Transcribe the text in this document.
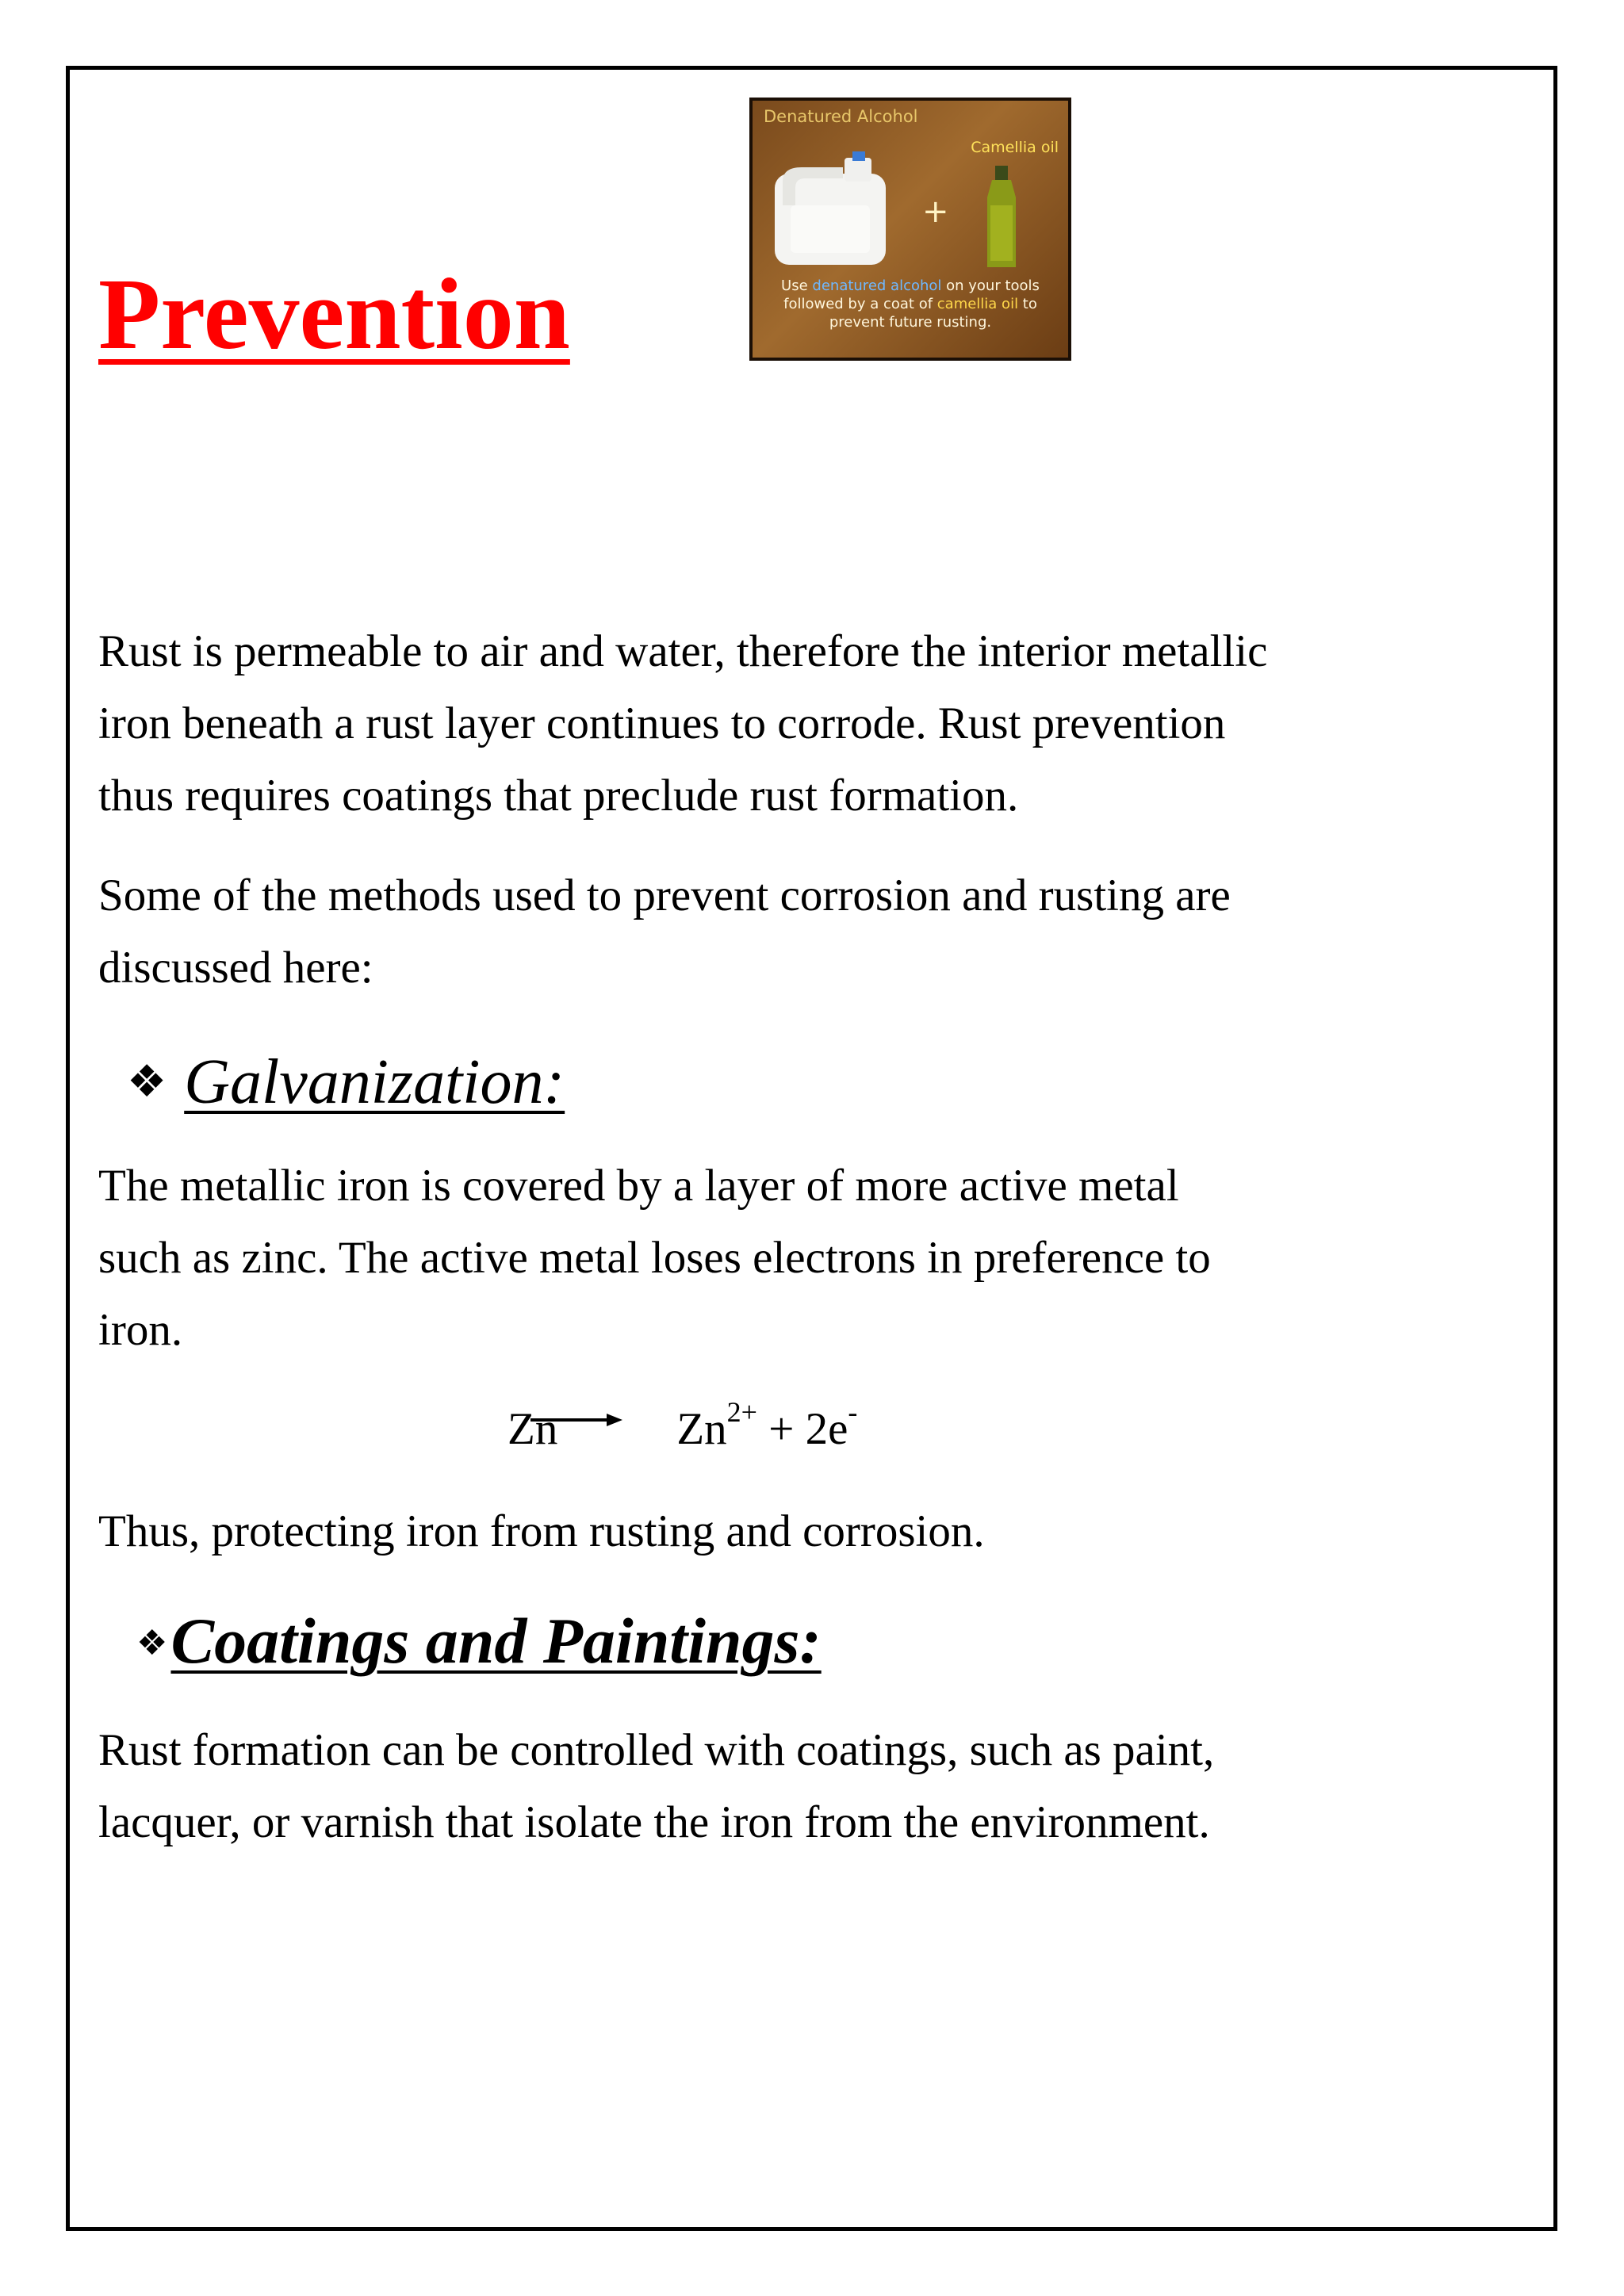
Prevention
Denatured Alcohol
Camellia oil
+
Use denatured alcohol on your tools followed by a coat of camellia oil to prevent future rusting.

Rust is permeable to air and water, therefore the interior metallic
iron beneath a rust layer continues to corrode. Rust prevention
thus requires coatings that preclude rust formation.

Some of the methods used to prevent corrosion and rusting are
discussed here:

❖ Galvanization:

The metallic iron is covered by a layer of more active metal
such as zinc. The active metal loses electrons in preference to
iron.

$Zn \to Zn^{2+} + 2e^-$

Thus, protecting iron from rusting and corrosion.

❖Coatings and Paintings:

Rust formation can be controlled with coatings, such as paint,
lacquer, or varnish that isolate the iron from the environment.
